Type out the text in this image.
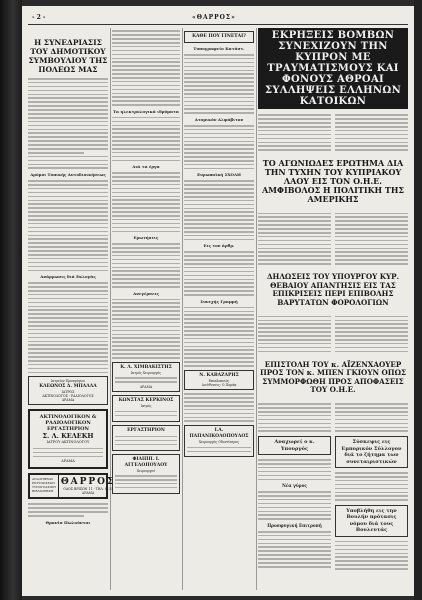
- 2 -	«ΘΑΡΡΟΣ»
Η ΣΥΝΕΔΡΙΑΣΙΣ ΤΟΥ ΔΗΜΟΤΙΚΟΥ ΣΥΜΒΟΥΛΙΟΥ ΤΗΣ ΠΟΛΕΩΣ ΜΑΣ
Δρόμοι Τοπικής Αυτοδιοικήσεως
Ανάρρωσις διά Εκλογάς
Ιατρείον Προσφύγων
ΚΛΕΩΝΟΣ Δ. ΜΠΑΛΛΑ
ΙΑΤΡΟΣ
ΑΚΤΙΝΟΛΟΓΟΣ - ΡΑΔΙΟΛΟΓΟΣ
ΔΡΑΜΑ
ΑΚΤΙΝΟΛΟΓΙΚΟΝ & ΡΑΔΙΟΛΟΓΙΚΟΝ
ΕΡΓΑΣΤΗΡΙΟΝ
Σ. Λ. ΚΕΛΕΚΗ
ΙΑΤΡΟΥ ΑΚΤΙΝΟΛΟΓΟΥ
ΔΡΑΜΑ
ΑΝΑΛΗΨΕΩΣ ΕΚΤΥΠΩΣΕΩΝ ΤΥΠΟΓΡΑΦΙΚΗ ΒΙΒΛΙΟΘΗΚΗ
ΘΑΡΡΟΣ
ΟΔΟΣ ΒΡΙΣΩΝ 11 - ΤΗΛ. 8133
ΔΡΑΜΑ
Θρανία Πωλούνται
Τα ηλεκτρολογικά ιδρύματα
Διά τα έργα
Ερωτήσεις
Ανεγέρσεις
Κ. Λ. ΧΙΜΒΑΚΙΣΤΗΣ
Ιατρός Χειρουργός
ΔΡΑΜΑ
ΚΩΝΣΤΑΣ ΚΕΡΚΙΝΟΣ
Ιατρός
ΕΡΓΑΣΤΗΡΙΟΝ
ΦΙΛΙΠΠ. Ι. ΑΓΓΕΛΟΠΟΥΛΟΥ
Χειρουργού
ΚΑΘΕ ΠΟΥ ΓΙΝΕΤΑΙ?
Τυπογραφείο Κατάστ.
Ατομικόν Αλφάβιτον
Ευρωπαϊκή ΣΧΟΛΗ
Εις τον άρθρ.
Συνεχής Γραμμή
Ν. ΚΑΒΑΖΑΡΗΣ
Επιπλοποιός
Διεύθυνσις: Ο Πομάκ
Ι.Α. ΠΑΠΑΝΙΚΟΛΟΠΟΥΛΟΣ
Χειρουργός Οδοντίατρος
ΕΚΡΗΞΕΙΣ ΒΟΜΒΩΝ ΣΥΝΕΧΙΖΟΥΝ ΤΗΝ ΚΥΠΡΟΝ ΜΕ ΤΡΑΥΜΑΤΙΣΜΟΥΣ ΚΑΙ ΦΟΝΟΥΣ ΑΘΡΟΑΙ ΣΥΛΛΗΨΕΙΣ ΕΛΛΗΝΩΝ ΚΑΤΟΙΚΩΝ
ΤΟ ΑΓΩΝΙΩΔΕΣ ΕΡΩΤΗΜΑ ΔΙΑ ΤΗΝ ΤΥΧΗΝ ΤΟΥ ΚΥΠΡΙΑΚΟΥ ΛΑΟΥ ΕΙΣ ΤΟΝ Ο.Η.Ε. ΑΜΦΙΒΟΛΟΣ Η ΠΟΛΙΤΙΚΗ ΤΗΣ ΑΜΕΡΙΚΗΣ
ΔΗΛΩΣΕΙΣ ΤΟΥ ΥΠΟΥΡΓΟΥ ΚΥΡ. ΘΕΒΑΙΟΥ ΑΠΑΝΤΗΣΙΣ ΕΙΣ ΤΑΣ ΕΠΙΚΡΙΣΕΙΣ ΠΕΡΙ ΕΠΙΒΟΛΗΣ ΒΑΡΥΤΑΤΩΝ ΦΟΡΟΛΟΓΙΩΝ
ΕΠΙΣΤΟΛΗ ΤΟΥ κ. ΑΪΖΕΝΧΑΟΥΕΡ ΠΡΟΣ ΤΟΝ κ. ΜΠΕΝ ΓΚΙΟΥΝ ΟΠΩΣ ΣΥΜΜΟΡΦΩΘΗ ΠΡΟΣ ΑΠΟΦΑΣΕΙΣ ΤΟΥ Ο.Η.Ε.
Αναχωρεί ο κ. Υπουργός
Νέα γύρος
Προσφυγική Επιτροπή
Σύσκεψις εις Εμπορικόν Σύλλογον διά το ζήτημα των συνεταιριστικών
Υποβλήθη εις την Βουλήν πρότασις νόμου διά τους Βουλευτάς
